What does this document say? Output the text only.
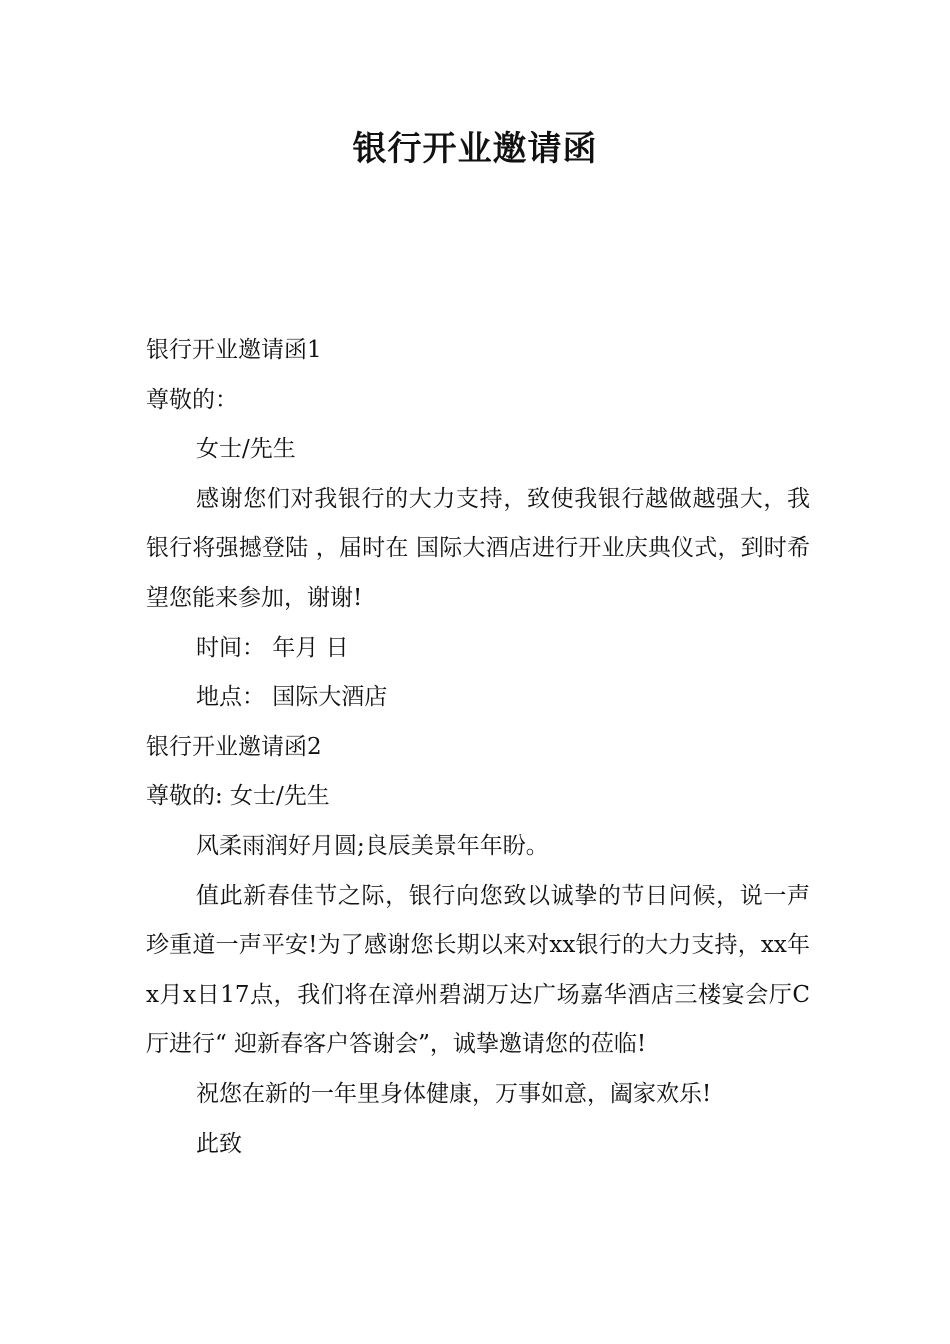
银行开业邀请函

银行开业邀请函1

尊敬的：

女士/先生

感谢您们对我银行的大力支持，致使我银行越做越强大，我银行将强撼登陆 ，届时在 国际大酒店进行开业庆典仪式，到时希望您能来参加，谢谢!

时间： 年月 日

地点： 国际大酒店

银行开业邀请函2

尊敬的: 女士/先生

风柔雨润好月圆;良辰美景年年盼。

值此新春佳节之际，银行向您致以诚挚的节日问候，说一声珍重道一声平安!为了感谢您长期以来对xx银行的大力支持，xx年x月x日17点，我们将在漳州碧湖万达广场嘉华酒店三楼宴会厅C厅进行“ 迎新春客户答谢会”，诚挚邀请您的莅临!

祝您在新的一年里身体健康，万事如意，阖家欢乐!

此致
